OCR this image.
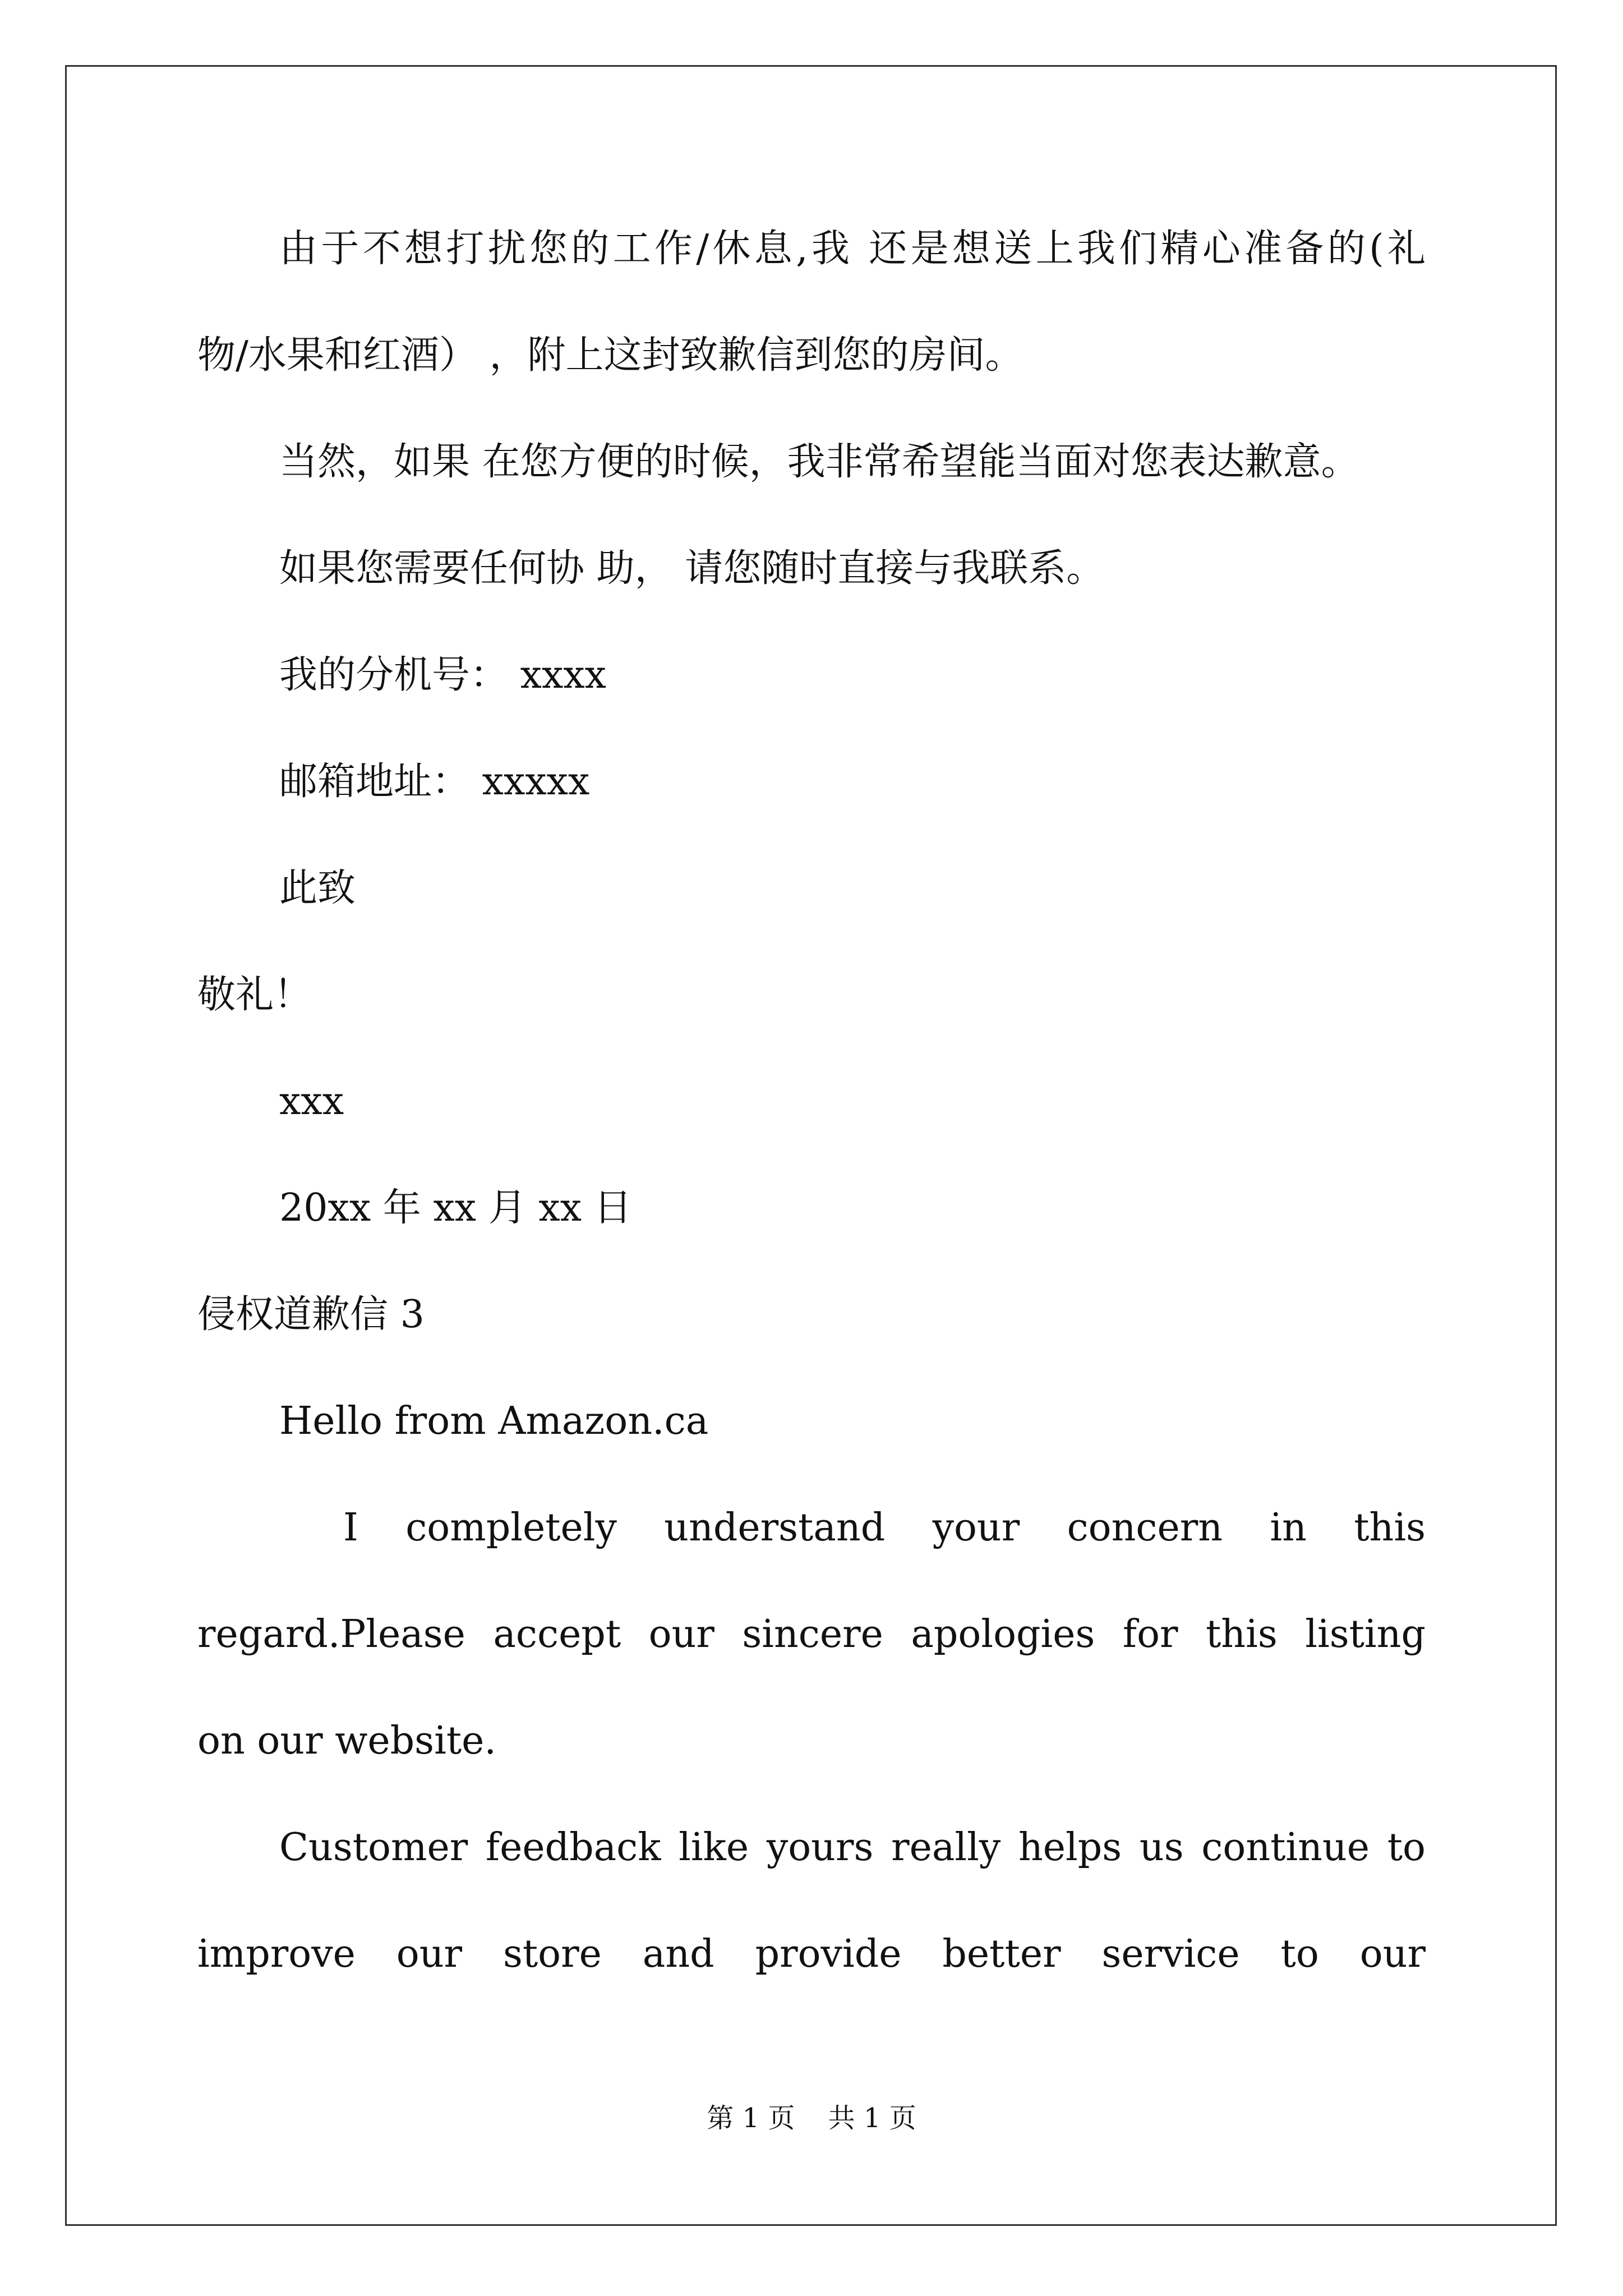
由于不想打扰您的工作/休息,我 还是想送上我们精心准备的(礼
物/水果和红酒） ，附上这封致歉信到您的房间。
当然，如果 在您方便的时候，我非常希望能当面对您表达歉意。
如果您需要任何协 助， 请您随时直接与我联系。
我的分机号： xxxx
邮箱地址： xxxxx
此致
敬礼！
xxx
20xx 年 xx 月 xx 日
侵权道歉信 3
Hello from Amazon.ca
I completely understand your concern in this
regard.Please accept our sincere apologies for this listing
on our website.
Customer feedback like yours really helps us continue to
improve our store and provide better service to our
第 1 页 共 1 页
